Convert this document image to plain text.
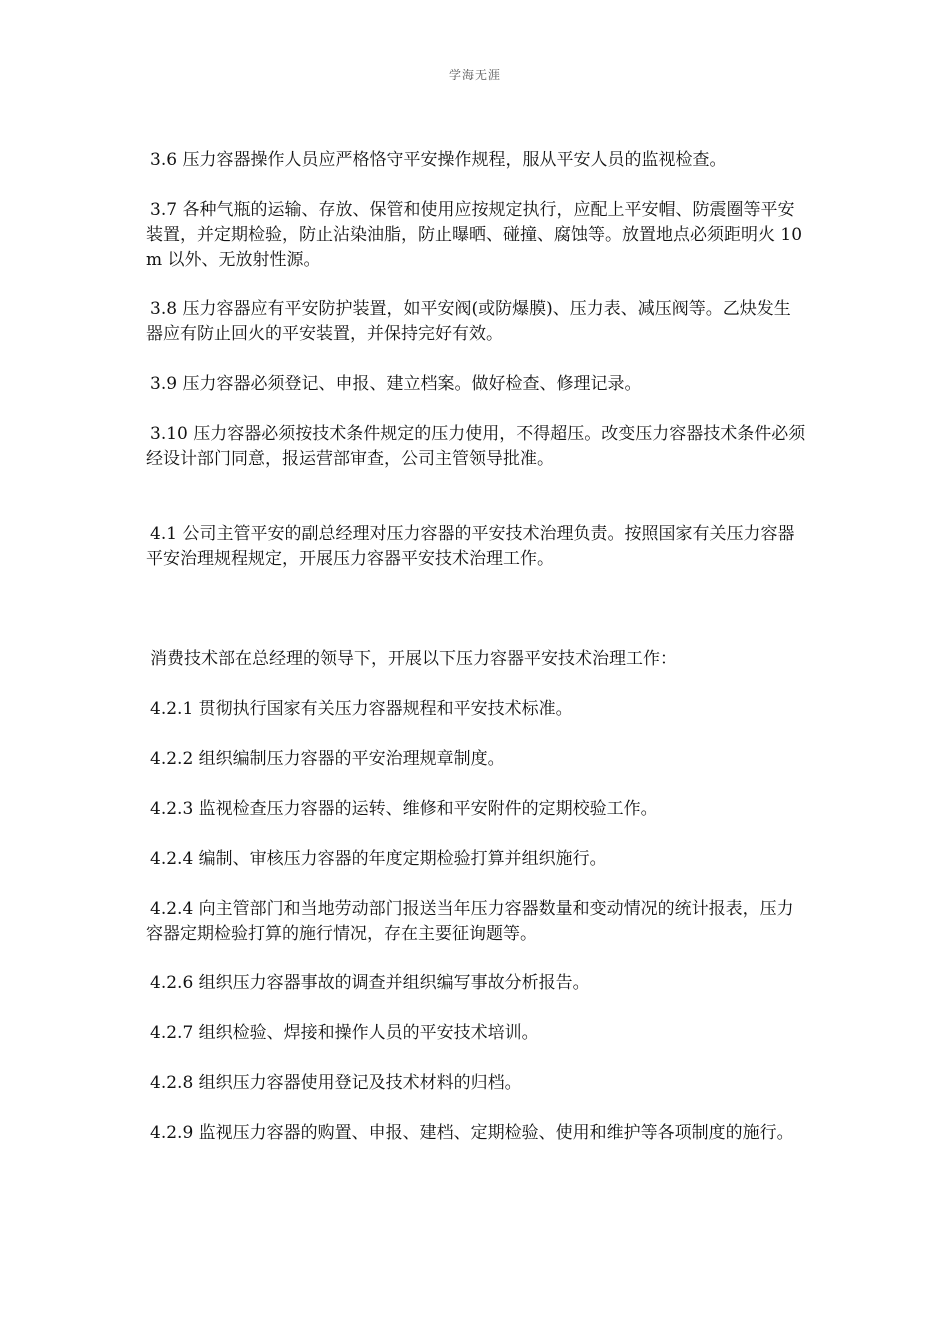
学海无涯

3.6 压力容器操作人员应严格恪守平安操作规程，服从平安人员的监视检查。

3.7 各种气瓶的运输、存放、保管和使用应按规定执行，应配上平安帽、防震圈等平安装置，并定期检验，防止沾染油脂，防止曝晒、碰撞、腐蚀等。放置地点必须距明火 10m 以外、无放射性源。

3.8 压力容器应有平安防护装置，如平安阀(或防爆膜)、压力表、减压阀等。乙炔发生器应有防止回火的平安装置，并保持完好有效。

3.9 压力容器必须登记、申报、建立档案。做好检查、修理记录。

3.10 压力容器必须按技术条件规定的压力使用，不得超压。改变压力容器技术条件必须经设计部门同意，报运营部审查，公司主管领导批准。

4.1 公司主管平安的副总经理对压力容器的平安技术治理负责。按照国家有关压力容器平安治理规程规定，开展压力容器平安技术治理工作。

消费技术部在总经理的领导下，开展以下压力容器平安技术治理工作：

4.2.1 贯彻执行国家有关压力容器规程和平安技术标准。

4.2.2 组织编制压力容器的平安治理规章制度。

4.2.3 监视检查压力容器的运转、维修和平安附件的定期校验工作。

4.2.4 编制、审核压力容器的年度定期检验打算并组织施行。

4.2.4 向主管部门和当地劳动部门报送当年压力容器数量和变动情况的统计报表，压力容器定期检验打算的施行情况，存在主要征询题等。

4.2.6 组织压力容器事故的调查并组织编写事故分析报告。

4.2.7 组织检验、焊接和操作人员的平安技术培训。

4.2.8 组织压力容器使用登记及技术材料的归档。

4.2.9 监视压力容器的购置、申报、建档、定期检验、使用和维护等各项制度的施行。
